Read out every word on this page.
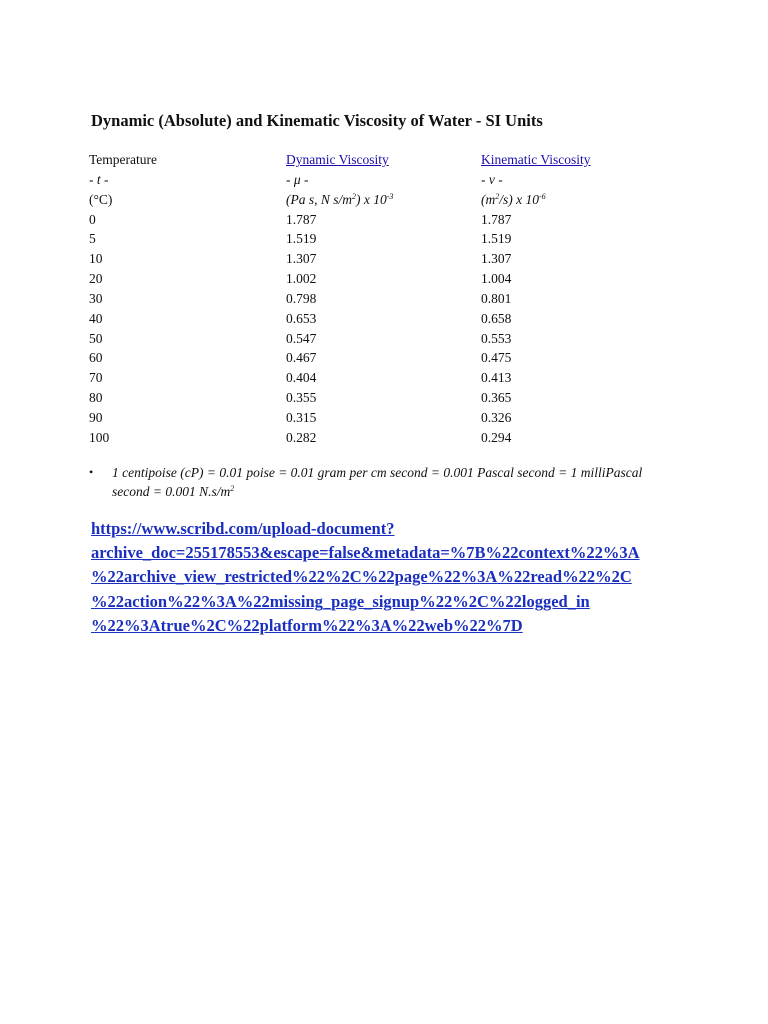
Dynamic (Absolute) and Kinematic Viscosity of Water - SI Units
Temperature	Dynamic Viscosity	Kinematic Viscosity
- t -	- μ -	- ν -
(°C)	(Pa s, N $s/m^2$) x $10^{-3}$	$(m^2/s)$ x $10^{-6}$
0	1.787	1.787
5	1.519	1.519
10	1.307	1.307
20	1.002	1.004
30	0.798	0.801
40	0.653	0.658
50	0.547	0.553
60	0.467	0.475
70	0.404	0.413
80	0.355	0.365
90	0.315	0.326
100	0.282	0.294
• 1 centipoise (cP) = 0.01 poise = 0.01 gram per cm second = 0.001 Pascal second = 1 milliPascal second = 0.001 $N.s/m^2$
https://www.scribd.com/upload-document?
archive_doc=255178553&escape=false&metadata=%7B%22context%22%3A
%22archive_view_restricted%22%2C%22page%22%3A%22read%22%2C
%22action%22%3A%22missing_page_signup%22%2C%22logged_in
%22%3Atrue%2C%22platform%22%3A%22web%22%7D
